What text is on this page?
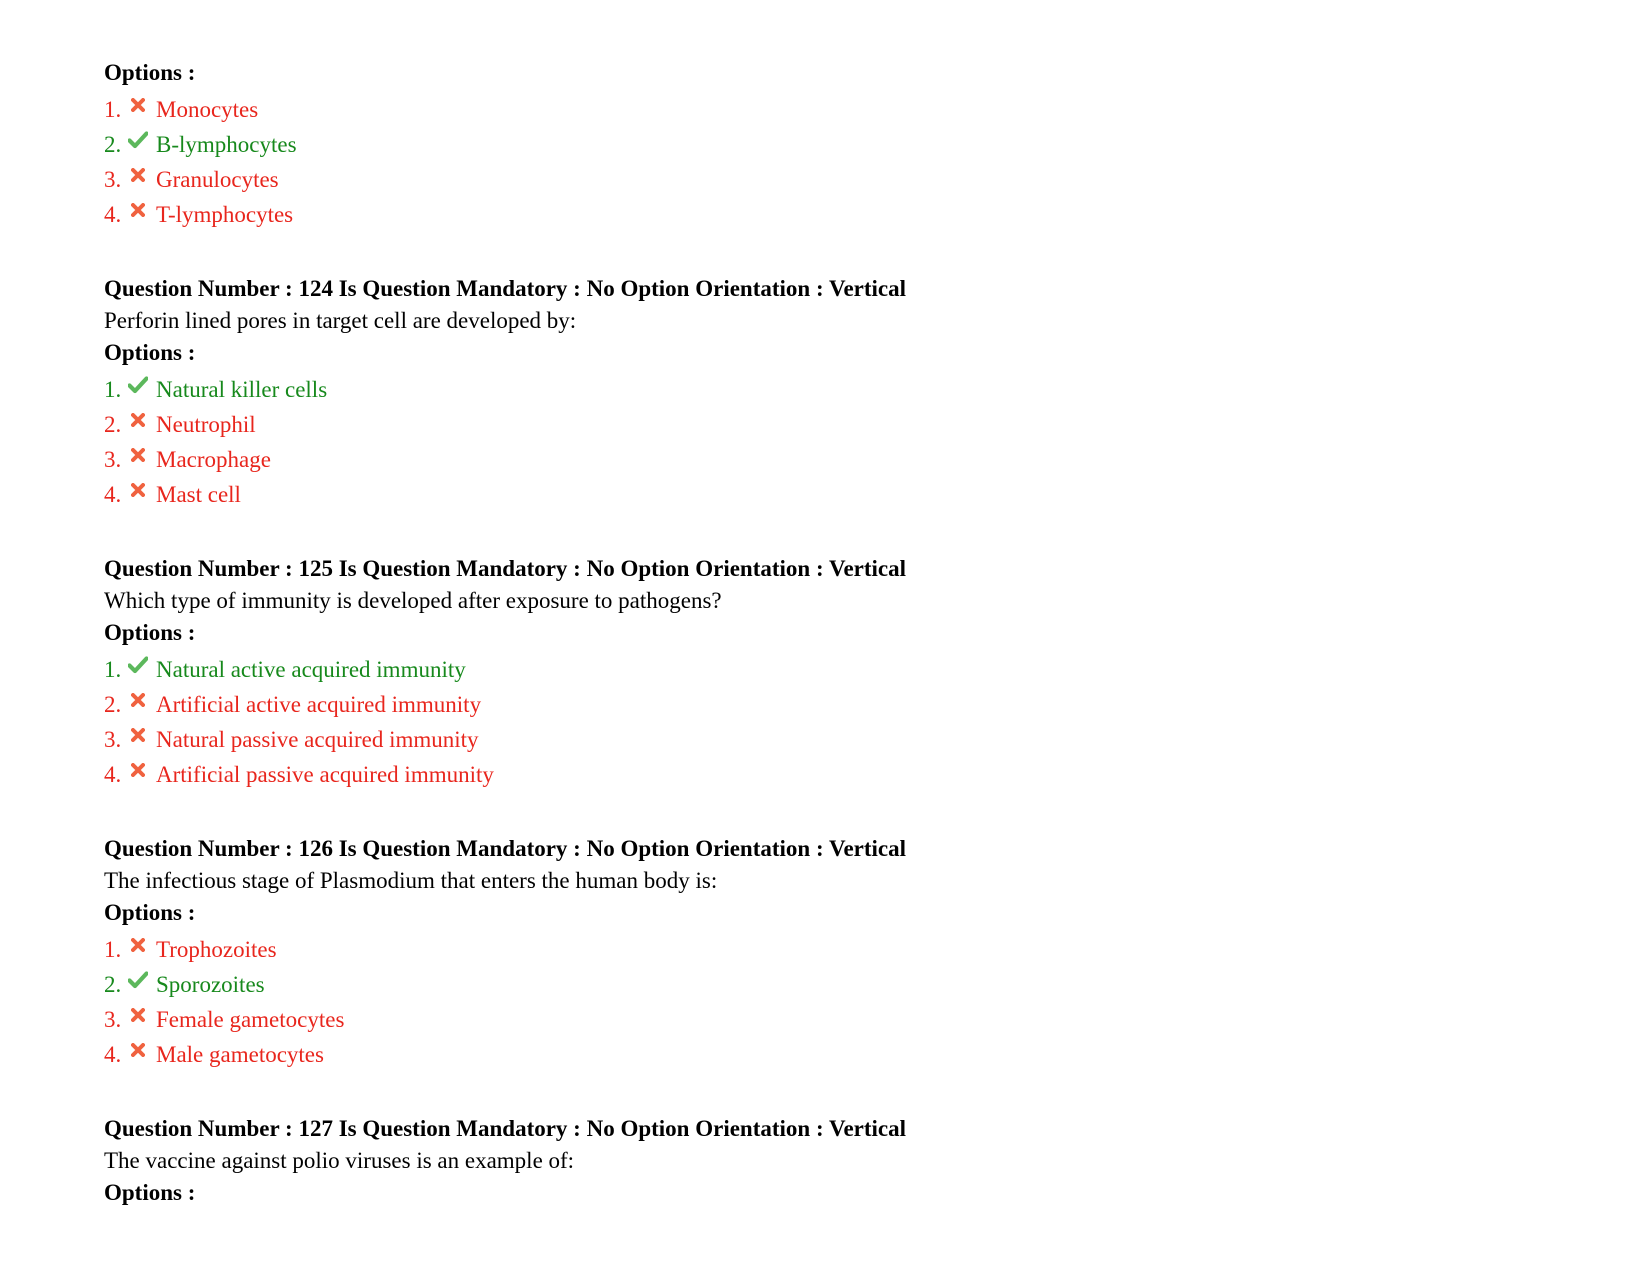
Options :
1. Monocytes
2. B-lymphocytes
3. Granulocytes
4. T-lymphocytes
Question Number : 124 Is Question Mandatory : No Option Orientation : Vertical
Perforin lined pores in target cell are developed by:
Options :
1. Natural killer cells
2. Neutrophil
3. Macrophage
4. Mast cell
Question Number : 125 Is Question Mandatory : No Option Orientation : Vertical
Which type of immunity is developed after exposure to pathogens?
Options :
1. Natural active acquired immunity
2. Artificial active acquired immunity
3. Natural passive acquired immunity
4. Artificial passive acquired immunity
Question Number : 126 Is Question Mandatory : No Option Orientation : Vertical
The infectious stage of Plasmodium that enters the human body is:
Options :
1. Trophozoites
2. Sporozoites
3. Female gametocytes
4. Male gametocytes
Question Number : 127 Is Question Mandatory : No Option Orientation : Vertical
The vaccine against polio viruses is an example of:
Options :
